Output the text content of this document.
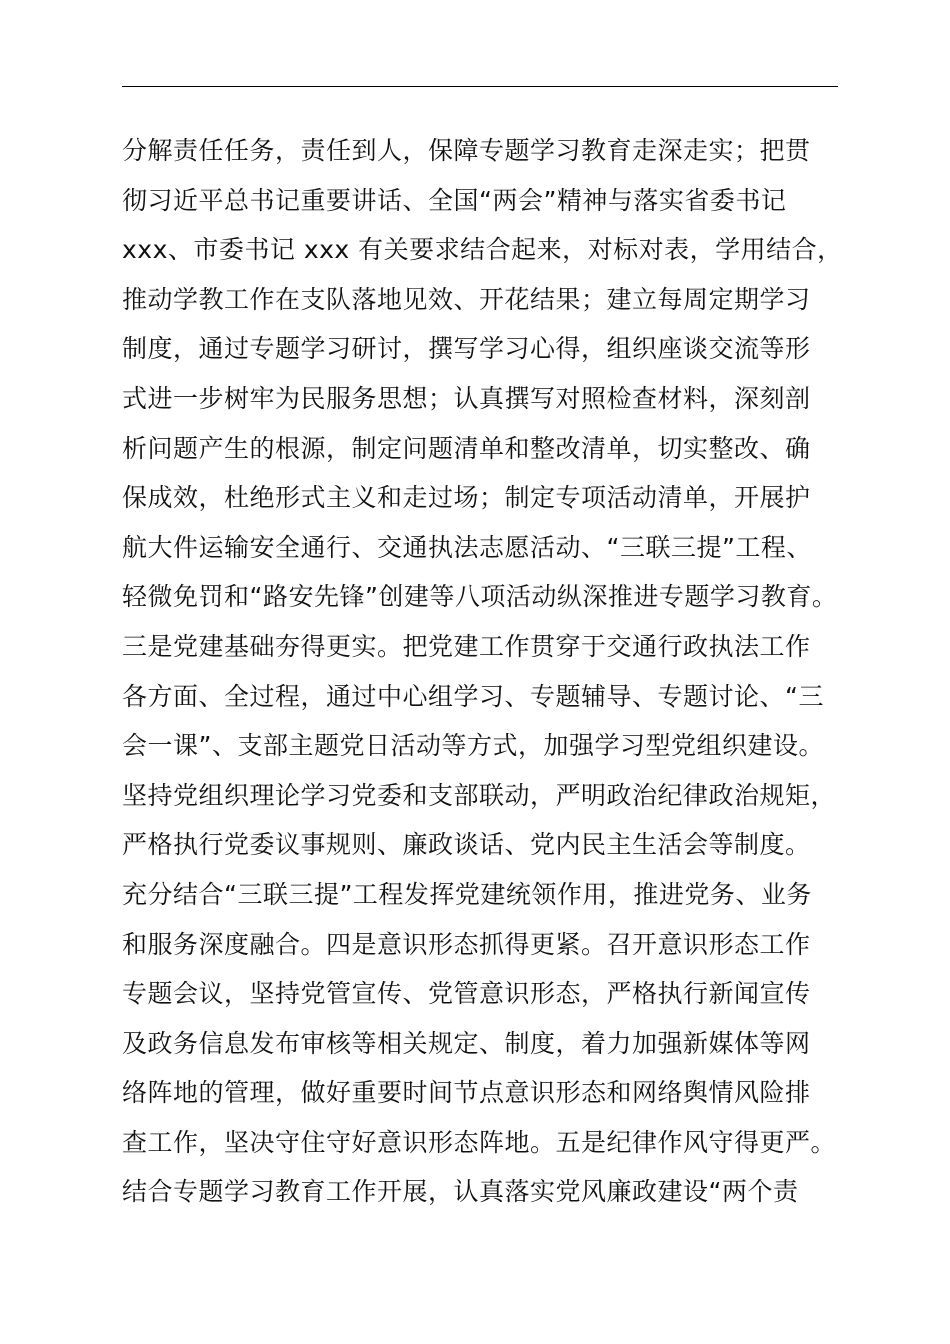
分解责任任务，责任到人，保障专题学习教育走深走实；把贯
彻习近平总书记重要讲话、全国“两会”精神与落实省委书记
xxx、市委书记 xxx 有关要求结合起来，对标对表，学用结合，
推动学教工作在支队落地见效、开花结果；建立每周定期学习
制度，通过专题学习研讨，撰写学习心得，组织座谈交流等形
式进一步树牢为民服务思想；认真撰写对照检查材料，深刻剖
析问题产生的根源，制定问题清单和整改清单，切实整改、确
保成效，杜绝形式主义和走过场；制定专项活动清单，开展护
航大件运输安全通行、交通执法志愿活动、“三联三提”工程、
轻微免罚和“路安先锋”创建等八项活动纵深推进专题学习教育。
三是党建基础夯得更实。把党建工作贯穿于交通行政执法工作
各方面、全过程，通过中心组学习、专题辅导、专题讨论、“三
会一课”、支部主题党日活动等方式，加强学习型党组织建设。
坚持党组织理论学习党委和支部联动，严明政治纪律政治规矩，
严格执行党委议事规则、廉政谈话、党内民主生活会等制度。
充分结合“三联三提”工程发挥党建统领作用，推进党务、业务
和服务深度融合。四是意识形态抓得更紧。召开意识形态工作
专题会议，坚持党管宣传、党管意识形态，严格执行新闻宣传
及政务信息发布审核等相关规定、制度，着力加强新媒体等网
络阵地的管理，做好重要时间节点意识形态和网络舆情风险排
查工作，坚决守住守好意识形态阵地。五是纪律作风守得更严。
结合专题学习教育工作开展，认真落实党风廉政建设“两个责
